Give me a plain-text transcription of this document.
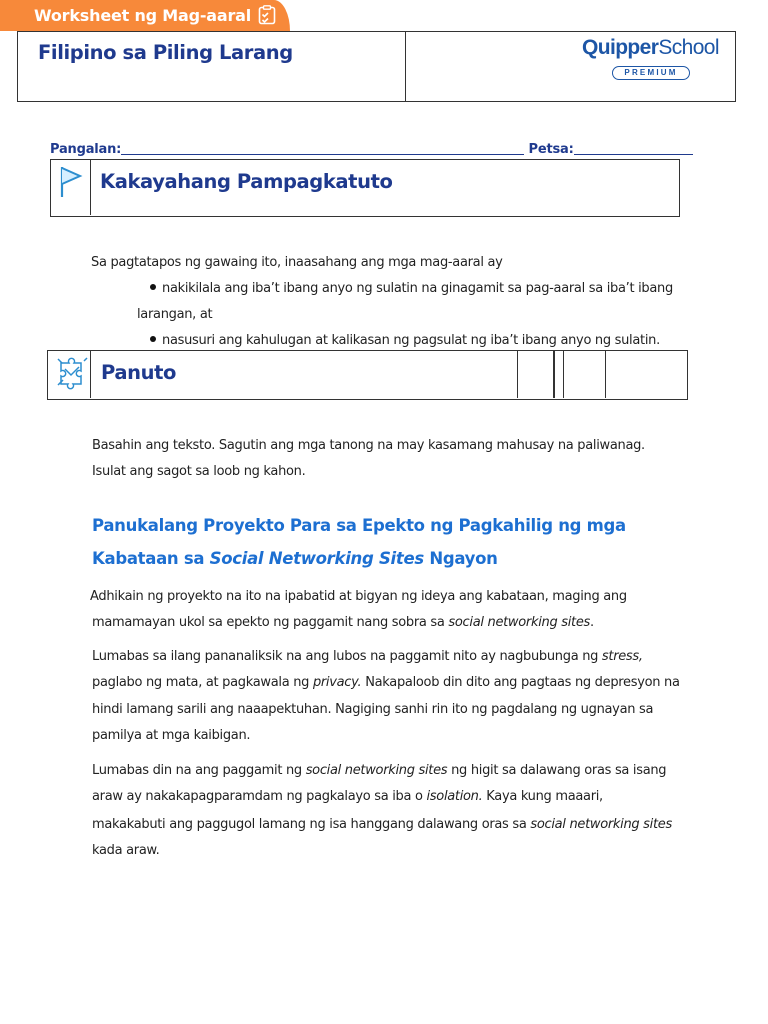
Worksheet ng Mag-aaral
Filipino sa Piling Larang	QuipperSchool
PREMIUM
Pangalan:	Petsa:
Kakayahang Pampagkatuto
Sa pagtatapos ng gawaing ito, inaasahang ang mga mag-aaral ay
nakikilala ang iba’t ibang anyo ng sulatin na ginagamit sa pag-aaral sa iba’t ibang
larangan, at
nasusuri ang kahulugan at kalikasan ng pagsulat ng iba’t ibang anyo ng sulatin.
Panuto
Basahin ang teksto. Sagutin ang mga tanong na may kasamang mahusay na paliwanag.
Isulat ang sagot sa loob ng kahon.
Panukalang Proyekto Para sa Epekto ng Pagkahilig ng mga
Kabataan sa Social Networking Sites Ngayon
Adhikain ng proyekto na ito na ipabatid at bigyan ng ideya ang kabataan, maging ang
mamamayan ukol sa epekto ng paggamit nang sobra sa social networking sites.
Lumabas sa ilang pananaliksik na ang lubos na paggamit nito ay nagbubunga ng stress,
paglabo ng mata, at pagkawala ng privacy. Nakapaloob din dito ang pagtaas ng depresyon na
hindi lamang sarili ang naaapektuhan. Nagiging sanhi rin ito ng pagdalang ng ugnayan sa
pamilya at mga kaibigan.
Lumabas din na ang paggamit ng social networking sites ng higit sa dalawang oras sa isang
araw ay nakakapagparamdam ng pagkalayo sa iba o isolation. Kaya kung maaari,
makakabuti ang paggugol lamang ng isa hanggang dalawang oras sa social networking sites
kada araw.
